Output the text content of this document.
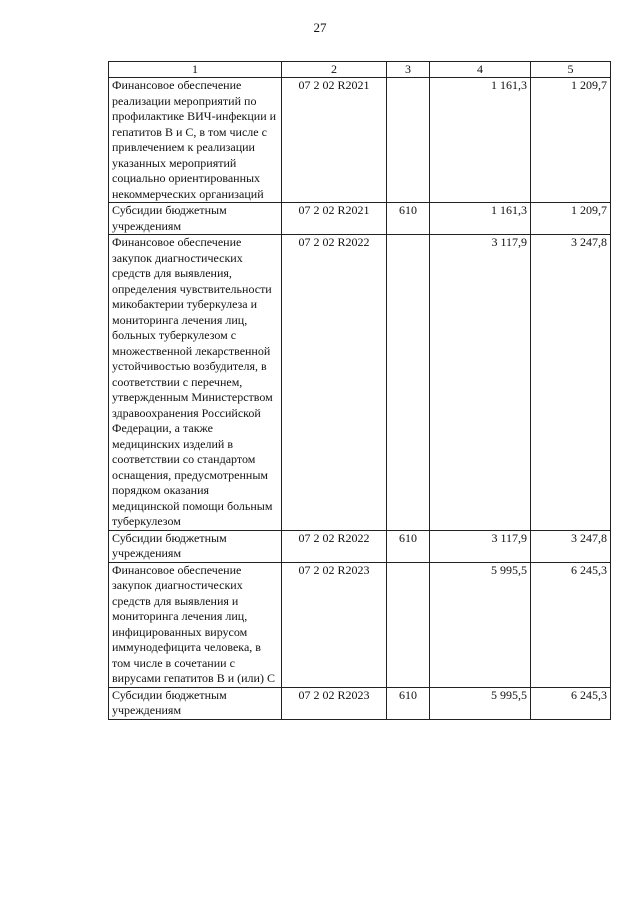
27
1	2	3	4	5
Финансовое обеспечение реализации мероприятий по профилактике ВИЧ-инфекции и гепатитов В и С, в том числе с привлечением к реализации указанных мероприятий социально ориентированных некоммерческих организаций	07 2 02 R2021		1 161,3	1 209,7
Субсидии бюджетным учреждениям	07 2 02 R2021	610	1 161,3	1 209,7
Финансовое обеспечение закупок диагностических средств для выявления, определения чувствительности микобактерии туберкулеза и мониторинга лечения лиц, больных туберкулезом с множественной лекарственной устойчивостью возбудителя, в соответствии с перечнем, утвержденным Министерством здравоохранения Российской Федерации, а также медицинских изделий в соответствии со стандартом оснащения, предусмотренным порядком оказания медицинской помощи больным туберкулезом	07 2 02 R2022		3 117,9	3 247,8
Субсидии бюджетным учреждениям	07 2 02 R2022	610	3 117,9	3 247,8
Финансовое обеспечение закупок диагностических средств для выявления и мониторинга лечения лиц, инфицированных вирусом иммунодефицита человека, в том числе в сочетании с вирусами гепатитов В и (или) С	07 2 02 R2023		5 995,5	6 245,3
Субсидии бюджетным учреждениям	07 2 02 R2023	610	5 995,5	6 245,3
